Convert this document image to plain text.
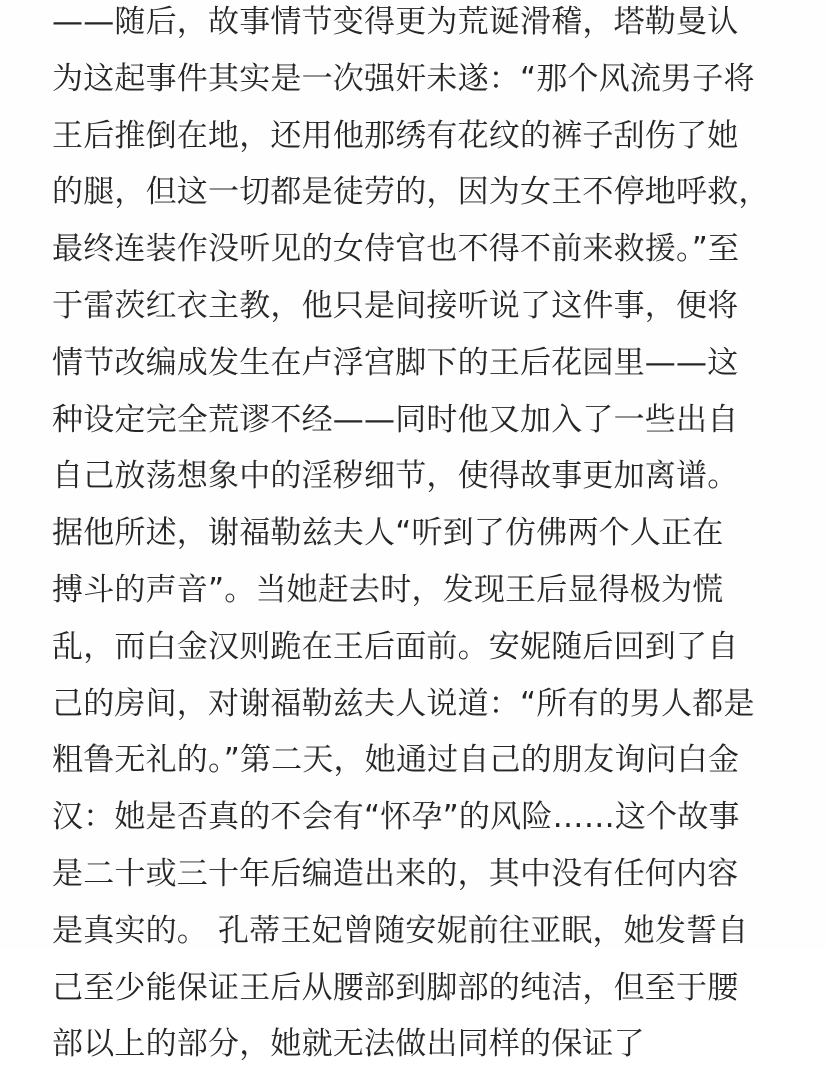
——随后，故事情节变得更为荒诞滑稽，塔勒曼认
为这起事件其实是一次强奸未遂：“那个风流男子将
王后推倒在地，还用他那绣有花纹的裤子刮伤了她
的腿，但这一切都是徒劳的，因为女王不停地呼救，
最终连装作没听见的女侍官也不得不前来救援。”至
于雷茨红衣主教，他只是间接听说了这件事，便将
情节改编成发生在卢浮宫脚下的王后花园里——这
种设定完全荒谬不经——同时他又加入了一些出自
自己放荡想象中的淫秽细节，使得故事更加离谱。
据他所述，谢福勒兹夫人“听到了仿佛两个人正在
搏斗的声音”。当她赶去时，发现王后显得极为慌
乱，而白金汉则跪在王后面前。安妮随后回到了自
己的房间，对谢福勒兹夫人说道：“所有的男人都是
粗鲁无礼的。”第二天，她通过自己的朋友询问白金
汉：她是否真的不会有“怀孕”的风险……这个故事
是二十或三十年后编造出来的，其中没有任何内容
是真实的。 孔蒂王妃曾随安妮前往亚眠，她发誓自
己至少能保证王后从腰部到脚部的纯洁，但至于腰
部以上的部分，她就无法做出同样的保证了
